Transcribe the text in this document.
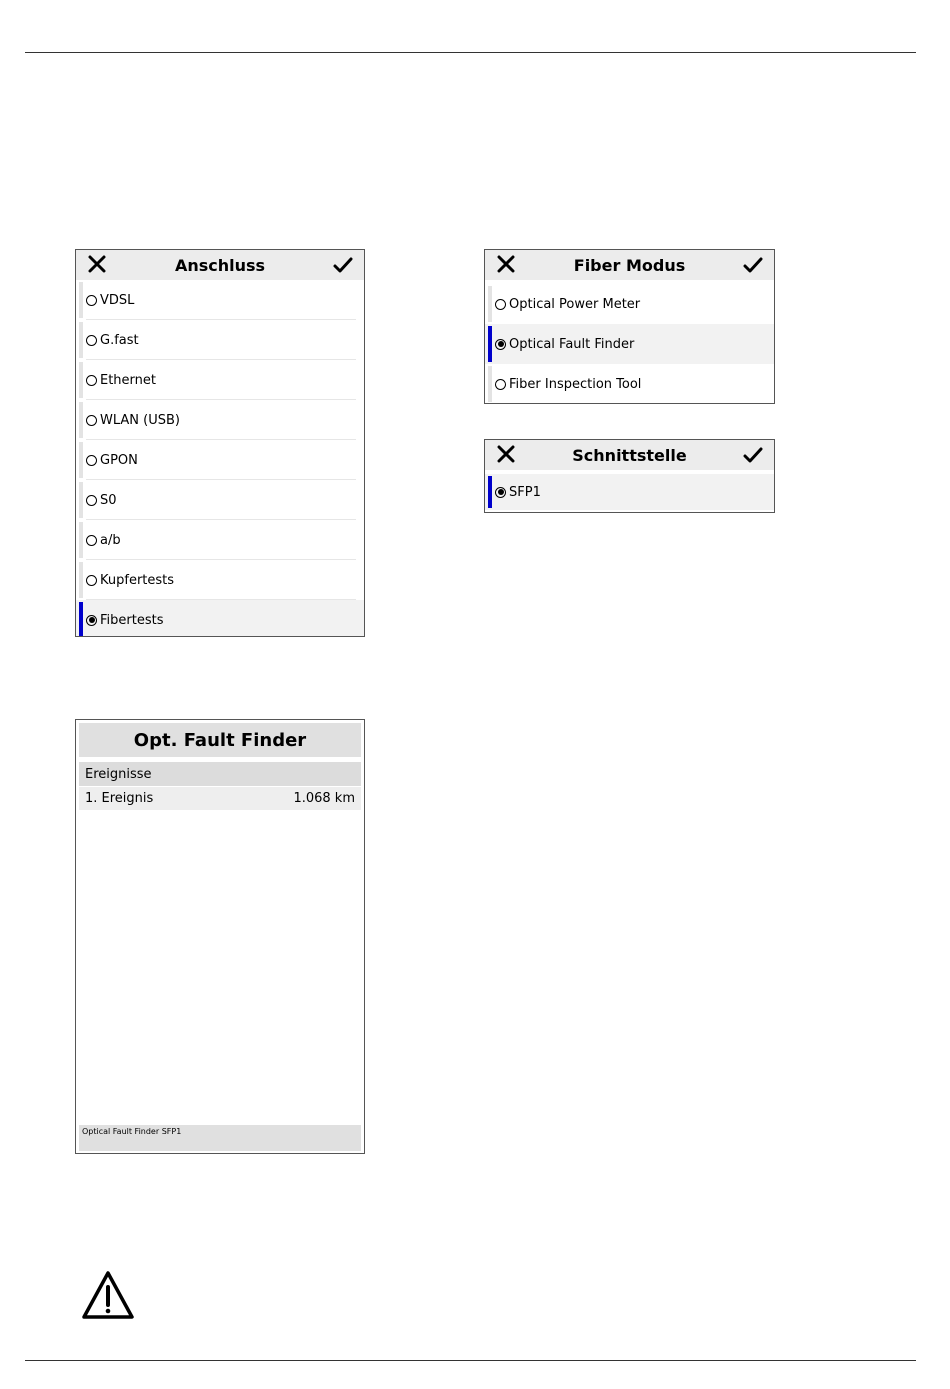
Anschluss
VDSL
G.fast
Ethernet
WLAN (USB)
GPON
S0
a/b
Kupfertests
Fibertests
Fiber Modus
Optical Power Meter
Optical Fault Finder
Fiber Inspection Tool
Schnittstelle
SFP1
Opt. Fault Finder
Ereignisse
1. Ereignis	1.068 km
Optical Fault Finder SFP1
